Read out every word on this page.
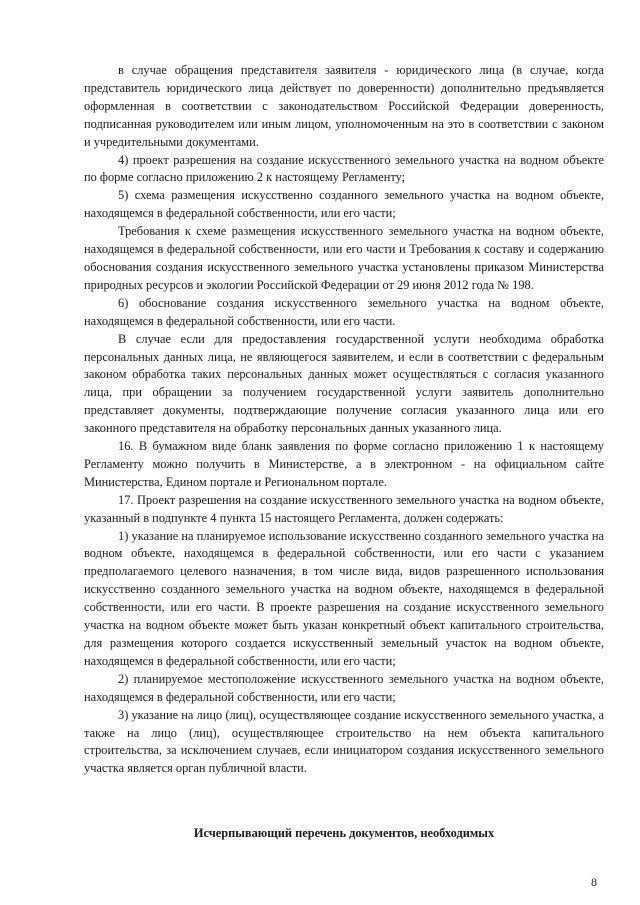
в случае обращения представителя заявителя - юридического лица (в случае, когда представитель юридического лица действует по доверенности) дополнительно предъявляется оформленная в соответствии с законодательством Российской Федерации доверенность, подписанная руководителем или иным лицом, уполномоченным на это в соответствии с законом и учредительными документами.

4) проект разрешения на создание искусственного земельного участка на водном объекте по форме согласно приложению 2 к настоящему Регламенту;

5) схема размещения искусственно созданного земельного участка на водном объекте, находящемся в федеральной собственности, или его части;

Требования к схеме размещения искусственного земельного участка на водном объекте, находящемся в федеральной собственности, или его части и Требования к составу и содержанию обоснования создания искусственного земельного участка установлены приказом Министерства природных ресурсов и экологии Российской Федерации от 29 июня 2012 года № 198.

6) обоснование создания искусственного земельного участка на водном объекте, находящемся в федеральной собственности, или его части.

В случае если для предоставления государственной услуги необходима обработка персональных данных лица, не являющегося заявителем, и если в соответствии с федеральным законом обработка таких персональных данных может осуществляться с согласия указанного лица, при обращении за получением государственной услуги заявитель дополнительно представляет документы, подтверждающие получение согласия указанного лица или его законного представителя на обработку персональных данных указанного лица.

16. В бумажном виде бланк заявления по форме согласно приложению 1 к настоящему Регламенту можно получить в Министерстве, а в электронном - на официальном сайте Министерства, Едином портале и Региональном портале.

17. Проект разрешения на создание искусственного земельного участка на водном объекте, указанный в подпункте 4 пункта 15 настоящего Регламента, должен содержать:

1) указание на планируемое использование искусственно созданного земельного участка на водном объекте, находящемся в федеральной собственности, или его части с указанием предполагаемого целевого назначения, в том числе вида, видов разрешенного использования искусственно созданного земельного участка на водном объекте, находящемся в федеральной собственности, или его части. В проекте разрешения на создание искусственного земельного участка на водном объекте может быть указан конкретный объект капитального строительства, для размещения которого создается искусственный земельный участок на водном объекте, находящемся в федеральной собственности, или его части;

2) планируемое местоположение искусственного земельного участка на водном объекте, находящемся в федеральной собственности, или его части;

3) указание на лицо (лиц), осуществляющее создание искусственного земельного участка, а также на лицо (лиц), осуществляющее строительство на нем объекта капитального строительства, за исключением случаев, если инициатором создания искусственного земельного участка является орган публичной власти.

Исчерпывающий перечень документов, необходимых
8
